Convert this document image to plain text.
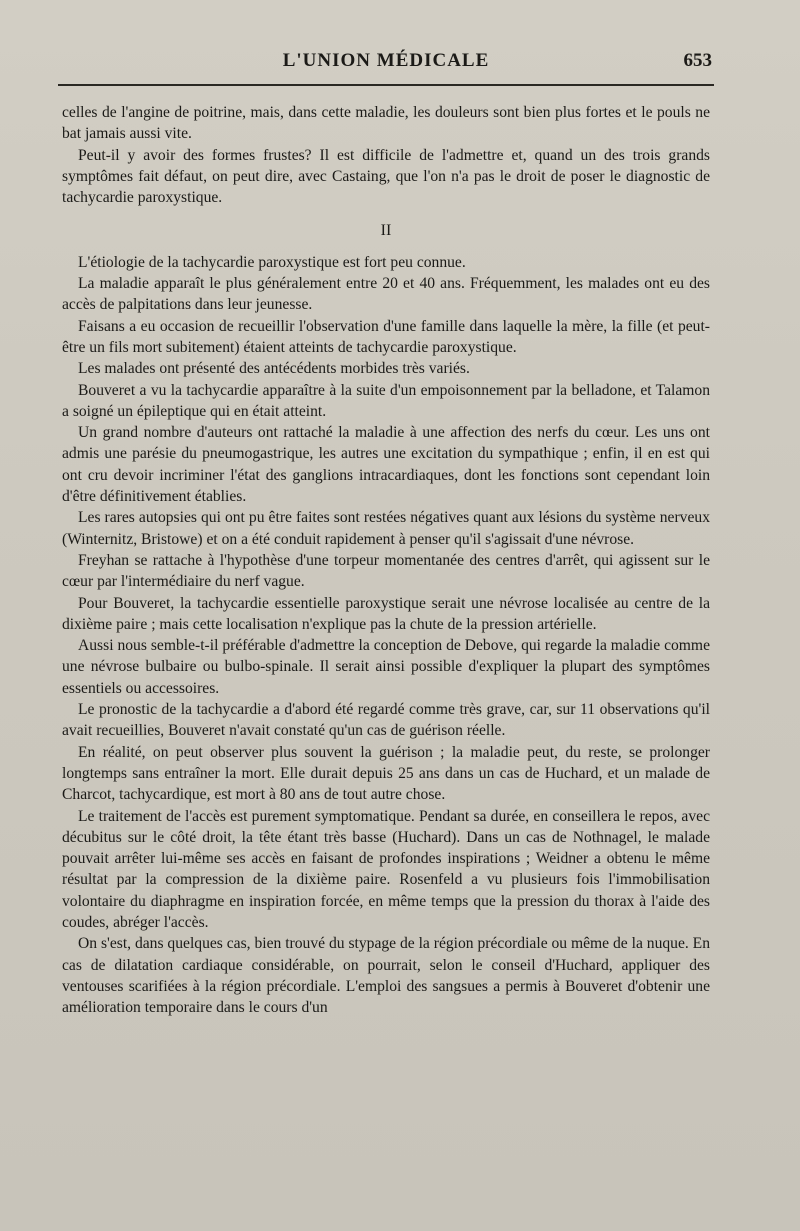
L'UNION MÉDICALE	653

celles de l'angine de poitrine, mais, dans cette maladie, les douleurs sont bien plus fortes et le pouls ne bat jamais aussi vite.

Peut-il y avoir des formes frustes? Il est difficile de l'admettre et, quand un des trois grands symptômes fait défaut, on peut dire, avec Castaing, que l'on n'a pas le droit de poser le diagnostic de tachycardie paroxystique.

II

L'étiologie de la tachycardie paroxystique est fort peu connue.

La maladie apparaît le plus généralement entre 20 et 40 ans. Fréquemment, les malades ont eu des accès de palpitations dans leur jeunesse.

Faisans a eu occasion de recueillir l'observation d'une famille dans laquelle la mère, la fille (et peut-être un fils mort subitement) étaient atteints de tachycardie paroxystique.

Les malades ont présenté des antécédents morbides très variés.

Bouveret a vu la tachycardie apparaître à la suite d'un empoisonnement par la belladone, et Talamon a soigné un épileptique qui en était atteint.

Un grand nombre d'auteurs ont rattaché la maladie à une affection des nerfs du cœur. Les uns ont admis une parésie du pneumogastrique, les autres une excitation du sympathique ; enfin, il en est qui ont cru devoir incriminer l'état des ganglions intracardiaques, dont les fonctions sont cependant loin d'être définitivement établies.

Les rares autopsies qui ont pu être faites sont restées négatives quant aux lésions du système nerveux (Winternitz, Bristowe) et on a été conduit rapidement à penser qu'il s'agissait d'une névrose.

Freyhan se rattache à l'hypothèse d'une torpeur momentanée des centres d'arrêt, qui agissent sur le cœur par l'intermédiaire du nerf vague.

Pour Bouveret, la tachycardie essentielle paroxystique serait une névrose localisée au centre de la dixième paire ; mais cette localisation n'explique pas la chute de la pression artérielle.

Aussi nous semble-t-il préférable d'admettre la conception de Debove, qui regarde la maladie comme une névrose bulbaire ou bulbo-spinale. Il serait ainsi possible d'expliquer la plupart des symptômes essentiels ou accessoires.

Le pronostic de la tachycardie a d'abord été regardé comme très grave, car, sur 11 observations qu'il avait recueillies, Bouveret n'avait constaté qu'un cas de guérison réelle.

En réalité, on peut observer plus souvent la guérison ; la maladie peut, du reste, se prolonger longtemps sans entraîner la mort. Elle durait depuis 25 ans dans un cas de Huchard, et un malade de Charcot, tachycardique, est mort à 80 ans de tout autre chose.

Le traitement de l'accès est purement symptomatique. Pendant sa durée, en conseillera le repos, avec décubitus sur le côté droit, la tête étant très basse (Huchard). Dans un cas de Nothnagel, le malade pouvait arrêter lui-même ses accès en faisant de profondes inspirations ; Weidner a obtenu le même résultat par la compression de la dixième paire. Rosenfeld a vu plusieurs fois l'immobilisation volontaire du diaphragme en inspiration forcée, en même temps que la pression du thorax à l'aide des coudes, abréger l'accès.

On s'est, dans quelques cas, bien trouvé du stypage de la région précordiale ou même de la nuque. En cas de dilatation cardiaque considérable, on pourrait, selon le conseil d'Huchard, appliquer des ventouses scarifiées à la région précordiale. L'emploi des sangsues a permis à Bouveret d'obtenir une amélioration temporaire dans le cours d'un
